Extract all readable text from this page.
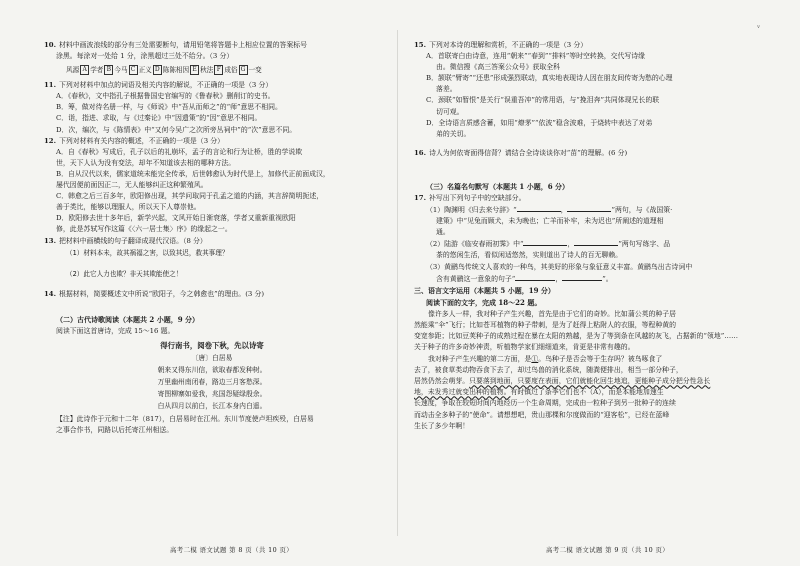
v

10. 材料中画波浪线的部分有三处需要断句，请用铅笔将答题卡上相应位置的答案标号

涂黑。每涂对一处给 1 分，涂黑超过三处不给分。（3 分）

风源 A 学者 B 今马 C 正义 D 陈陈相因 E 秋法 F 成俗 G 一变

11. 下列对材料中加点的词语及相关内容的解说，不正确的一项是（3 分）

A．《春秋》，文中指孔子根据鲁国史官编写的《鲁春秋》删削订的史书。

B．筹，做对待名册一样，与《师说》中“吾从而师之”的“师”意思不相同。

C．诣，指进、求取，与《过秦论》中“因遗策”的“因”意思不相同。

D．次，编次，与《陈情表》中“又何今吴广之次所旁丛祠中”的“次”意思不同。

12. 下列对材料有关内容的概述，不正确的一项是（3 分）

A．自《春秋》写成后，孔子以后的礼崩坏，孟子的言论和行为让桥，胜的学说欺

世，天下人认为没有变法，却年不知道该去相的哪种方法。

B．自从汉代以来，儒家道统未能完全传承，后世韩愈认为时代是上，加修代正前面成汉，

屡代因便前面因正二，无人能够纠正这种繁殖风。

C．韩愈之后三百多年，欧阳修出现，其学问取同于孔孟之道的内涵，其言辞简明扼述，

善于类比，能够以理服人，所以天下人尊崇他。

D．欧阳修去世十多年后，新学兴起，文风开始日渐衰落，学者又重新重视欧阳

修，此是苏轼写作这篇《〈六一居士集〉序》的缘起之一。

13. 把材料中画横线的句子翻译成现代汉语。（8 分）

（1）材料本未，故其祸福之害，以致其迟，救其事理？
（2）此它人力也欺？非天其欺能使之！

14. 根据材料，简要概述文中所说“欧阳子，今之韩愈也”的理由。(3 分)

（二）古代诗歌阅读（本题共 2 小题，9 分）

阅读下面这首唐诗，完成 15～16 题。

得行南书，阅卷下秋，先以诗寄

〔唐〕白居易

朝来又得东川信，欲取春都发种树。

万里幽州南闭春，路边三月客愁深。

寄图柳寨如爱我，兆国怨疑绿殷余。

白从四月以前白，长江本身内白遥。

【注】此诗作于元和十二年（817），白居易时在江州。东川节度使卢坦疾殁，白居易

之事合作书，同路以后托寄江州相送。

15. 下列对本诗的理解和赏析，不正确的一项是（3 分）

A．首联寄白由诗意，连用“朝来”“春到”“排料”等时空转换，交代写诗缘

由。微信搜《高三答案公众号》获取全科

B．颔联“臂寄”“还患”形成强烈联动，真实地表现诗人因在朋友间传寄为愁的心理

落差。

C．颈联“如暂恨”是关行“误重吾冲”的常用语，与“挽泪奔”共同体现兄长的联

切可观。

D．全诗语言质感含蓄，如用“燎茅”“依波”稳含波难，于烧转中表达了对弟

弟的关切。

16. 诗人为何依寄面得信背？请结合全诗谈谈你对“苗”的理解。(6 分)

（三）名篇名句默写（本题共 1 小题，6 分）

17. 补写出下列句子中的空缺部分。

（1）陶渊明《归去来兮辞》“	，	”两句，与《战国策·

建策》中“见兔而顾犬，未为晚也；亡羊而补牢，未为迟也”所阐述的道理相

通。

（2）陆游《临安春雨初霁》中“	，	”两句写练字、品

茶的悠闲生活，看似闲适悠然，实则道出了诗人的百无聊赖。

（3）黄鹂鸟传统文人喜欢的一种鸟，其美好的形象与象征意义丰富。黄鹂鸟出古诗词中

含有黄鹂这一意象的句子“	，	”。

三、语言文字运用（本题共 5 小题，19 分）

阅读下面的文字，完成 18～22 题。

像许多人一样，我对种子产生兴趣，首先是由于它们的奇妙。比如蒲公英的种子居

然能乘“伞”飞行；比如苍耳植物的种子带刺，是为了赶得上粘附人的衣服，等程种黄的

变宽参距；比如豆荚种子的成熟过程在暴在太阳的熟越，是为了等到条在风越的灰飞，占据新的“领地”……

关于种子的许多奇妙神责，听植物学家们细细道来，肯更是非常有趣的。

我对种子产生兴趣的第二方面，是①。鸟种子是否会等于生存吗？被鸟啄食了

去了，被食草类动物吞食下去了，却过鸟兽的消化系统，随粪便排出，相当一部分种子，

居然仍然会萌芽。只要落到地面，只要度在表面，它们就能化回生地追，更能种子成分把分性急长

地，未发秀过就变出种的植物。有时镇过了条季它们也不（A），而是本能地加速生

长速度，争取在较短时间内地经历一个生命周期，完成由一粒种子到另一批种子的连续

而动击全多种子的“使命”。请想想吧，贵山那棵和尔度做而的“迎客松”，已经在蓝峰

生长了多少年啊！

高考二模 语文试题 第 8 页（共 10 页）	高考二模 语文试题 第 9 页（共 10 页）
